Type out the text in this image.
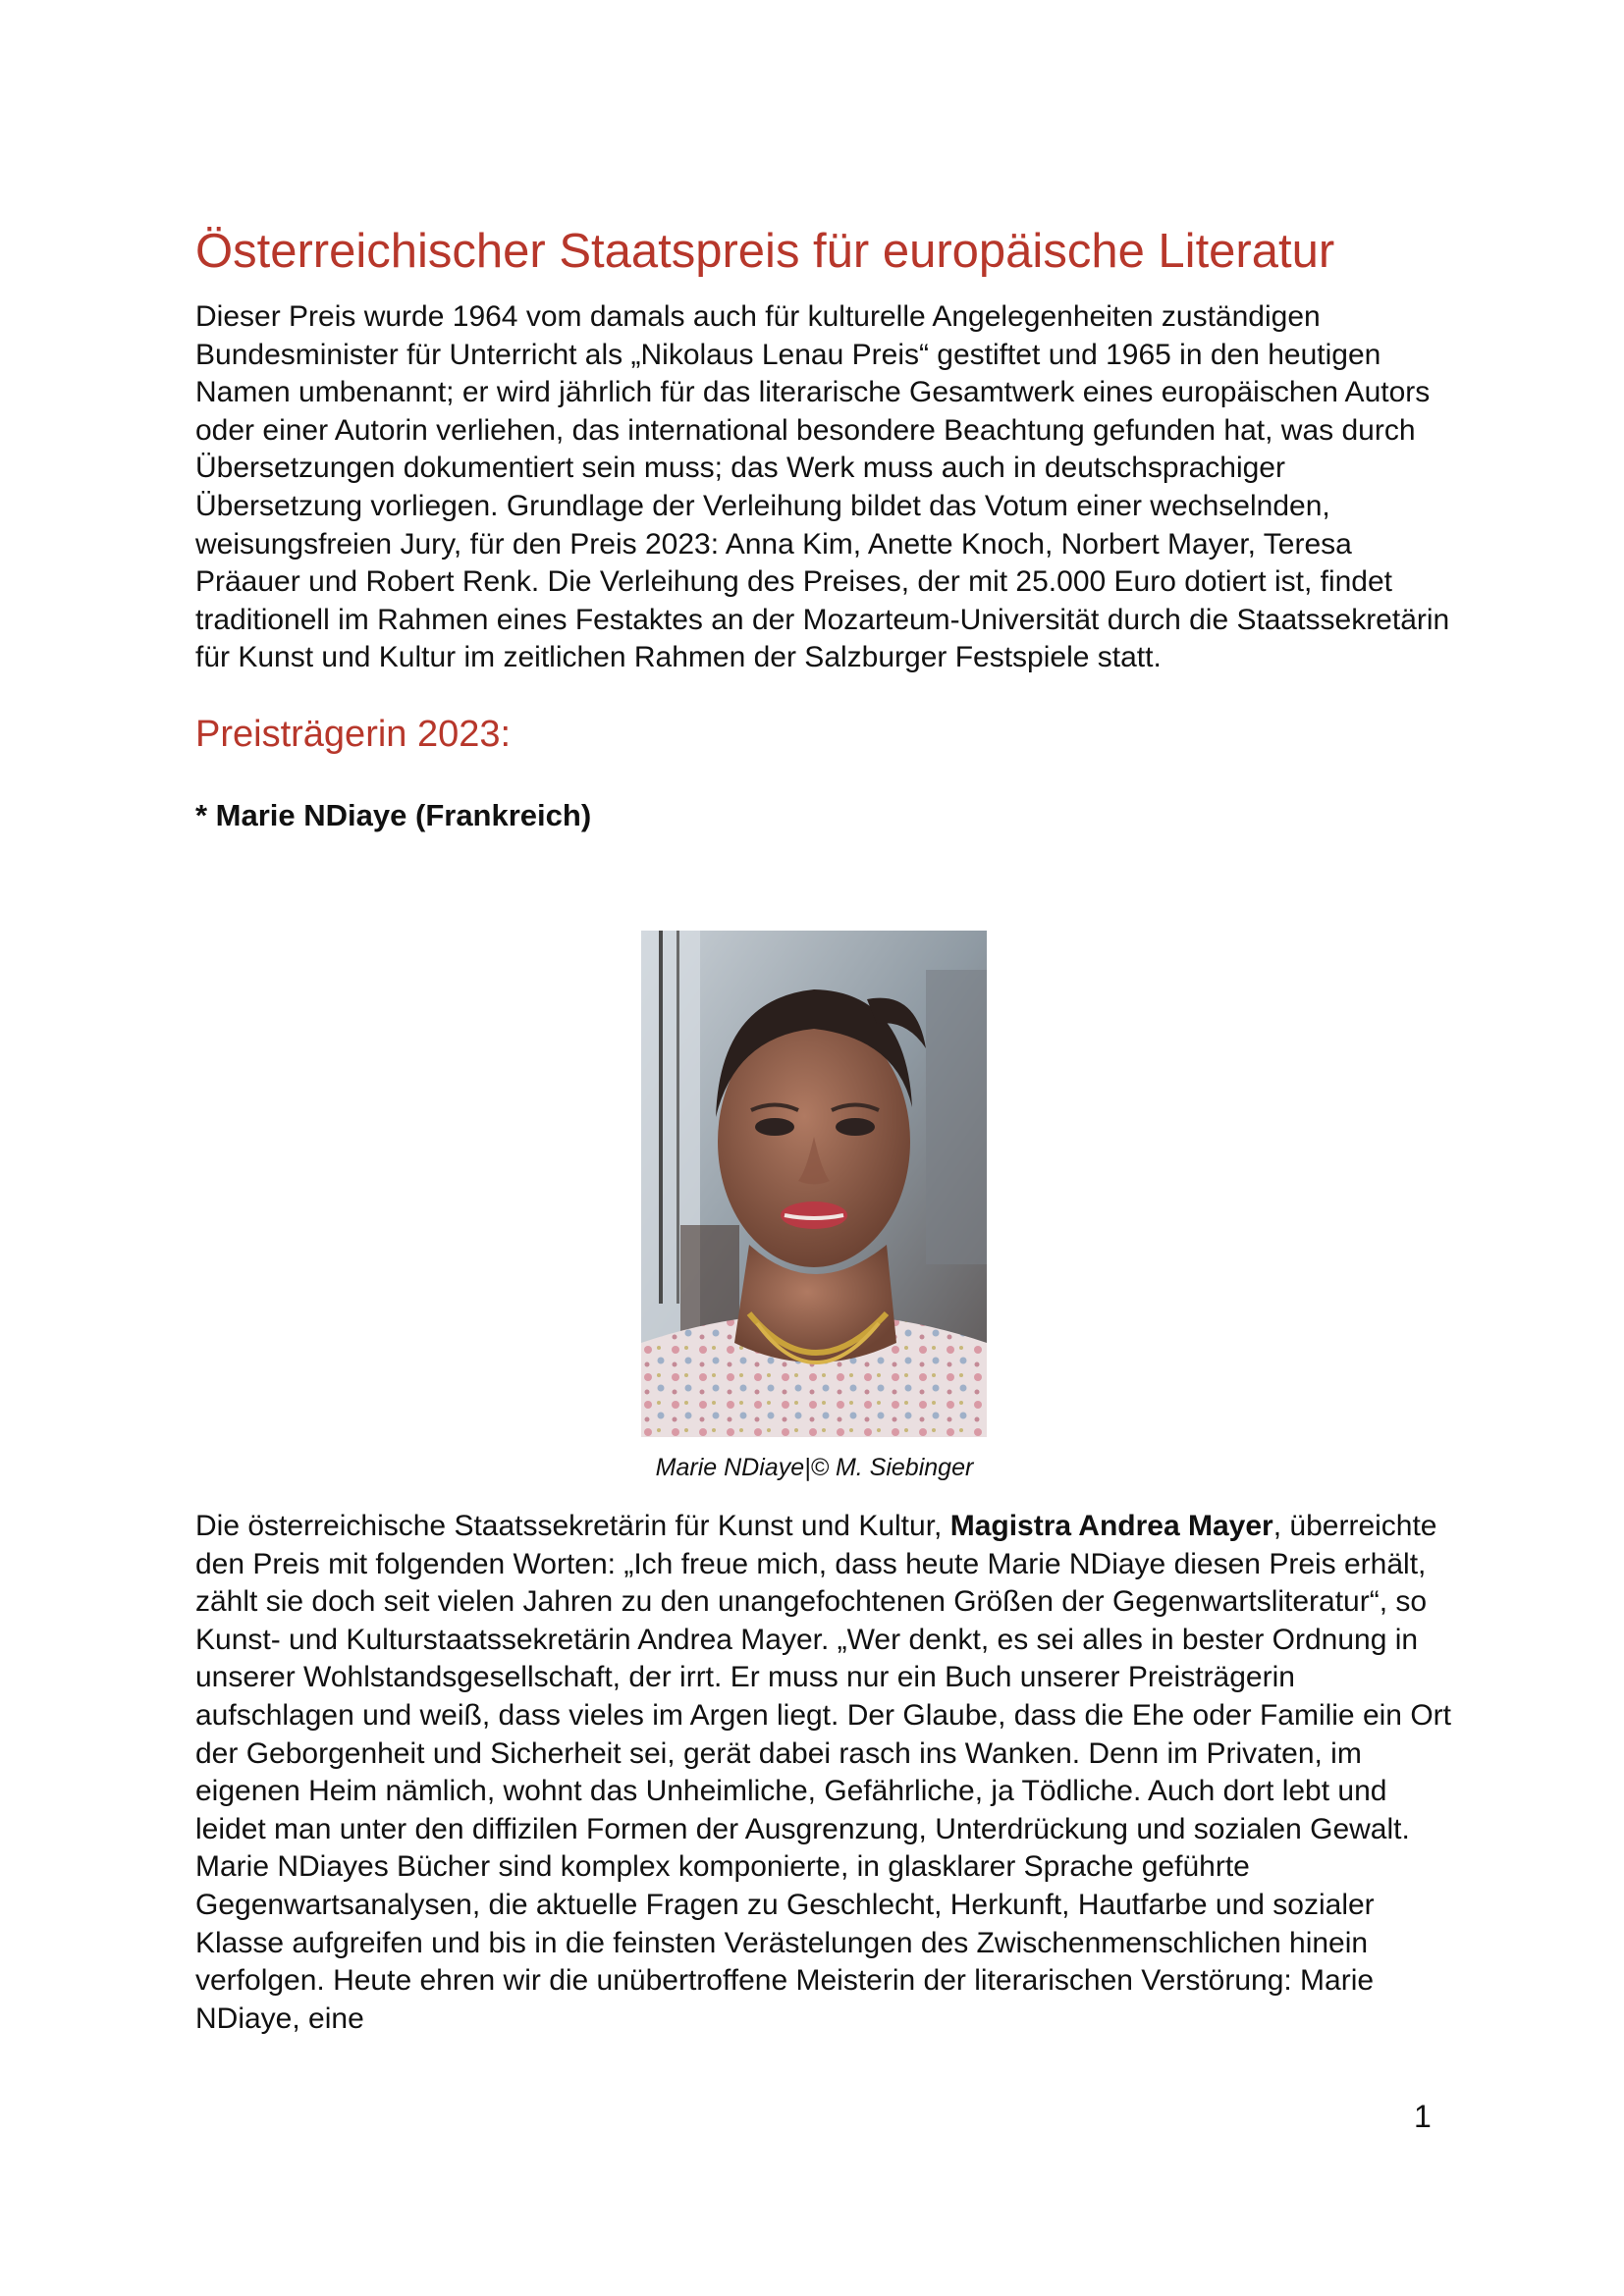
Österreichischer Staatspreis für europäische Literatur

Dieser Preis wurde 1964 vom damals auch für kulturelle Angelegenheiten zuständigen Bundesminister für Unterricht als „Nikolaus Lenau Preis“ gestiftet und 1965 in den heutigen Namen umbenannt; er wird jährlich für das literarische Gesamtwerk eines europäischen Autors oder einer Autorin verliehen, das international besondere Beachtung gefunden hat, was durch Übersetzungen dokumentiert sein muss; das Werk muss auch in deutschsprachiger Übersetzung vorliegen. Grundlage der Verleihung bildet das Votum einer wechselnden, weisungsfreien Jury, für den Preis 2023: Anna Kim, Anette Knoch, Norbert Mayer, Teresa Präauer und Robert Renk. Die Verleihung des Preises, der mit 25.000 Euro dotiert ist, findet traditionell im Rahmen eines Festaktes an der Mozarteum-Universität durch die Staatssekretärin für Kunst und Kultur im zeitlichen Rahmen der Salzburger Festspiele statt.

Preisträgerin 2023:

* Marie NDiaye (Frankreich)

Marie NDiaye|© M. Siebinger

Die österreichische Staatssekretärin für Kunst und Kultur, Magistra Andrea Mayer, überreichte den Preis mit folgenden Worten: „Ich freue mich, dass heute Marie NDiaye diesen Preis erhält, zählt sie doch seit vielen Jahren zu den unangefochtenen Größen der Gegenwartsliteratur“, so Kunst- und Kulturstaatssekretärin Andrea Mayer. „Wer denkt, es sei alles in bester Ordnung in unserer Wohlstandsgesellschaft, der irrt. Er muss nur ein Buch unserer Preisträgerin aufschlagen und weiß, dass vieles im Argen liegt. Der Glaube, dass die Ehe oder Familie ein Ort der Geborgenheit und Sicherheit sei, gerät dabei rasch ins Wanken. Denn im Privaten, im eigenen Heim nämlich, wohnt das Unheimliche, Gefährliche, ja Tödliche. Auch dort lebt und leidet man unter den diffizilen Formen der Ausgrenzung, Unterdrückung und sozialen Gewalt. Marie NDiayes Bücher sind komplex komponierte, in glasklarer Sprache geführte Gegenwartsanalysen, die aktuelle Fragen zu Geschlecht, Herkunft, Hautfarbe und sozialer Klasse aufgreifen und bis in die feinsten Verästelungen des Zwischenmenschlichen hinein verfolgen. Heute ehren wir die unübertroffene Meisterin der literarischen Verstörung: Marie NDiaye, eine

1
